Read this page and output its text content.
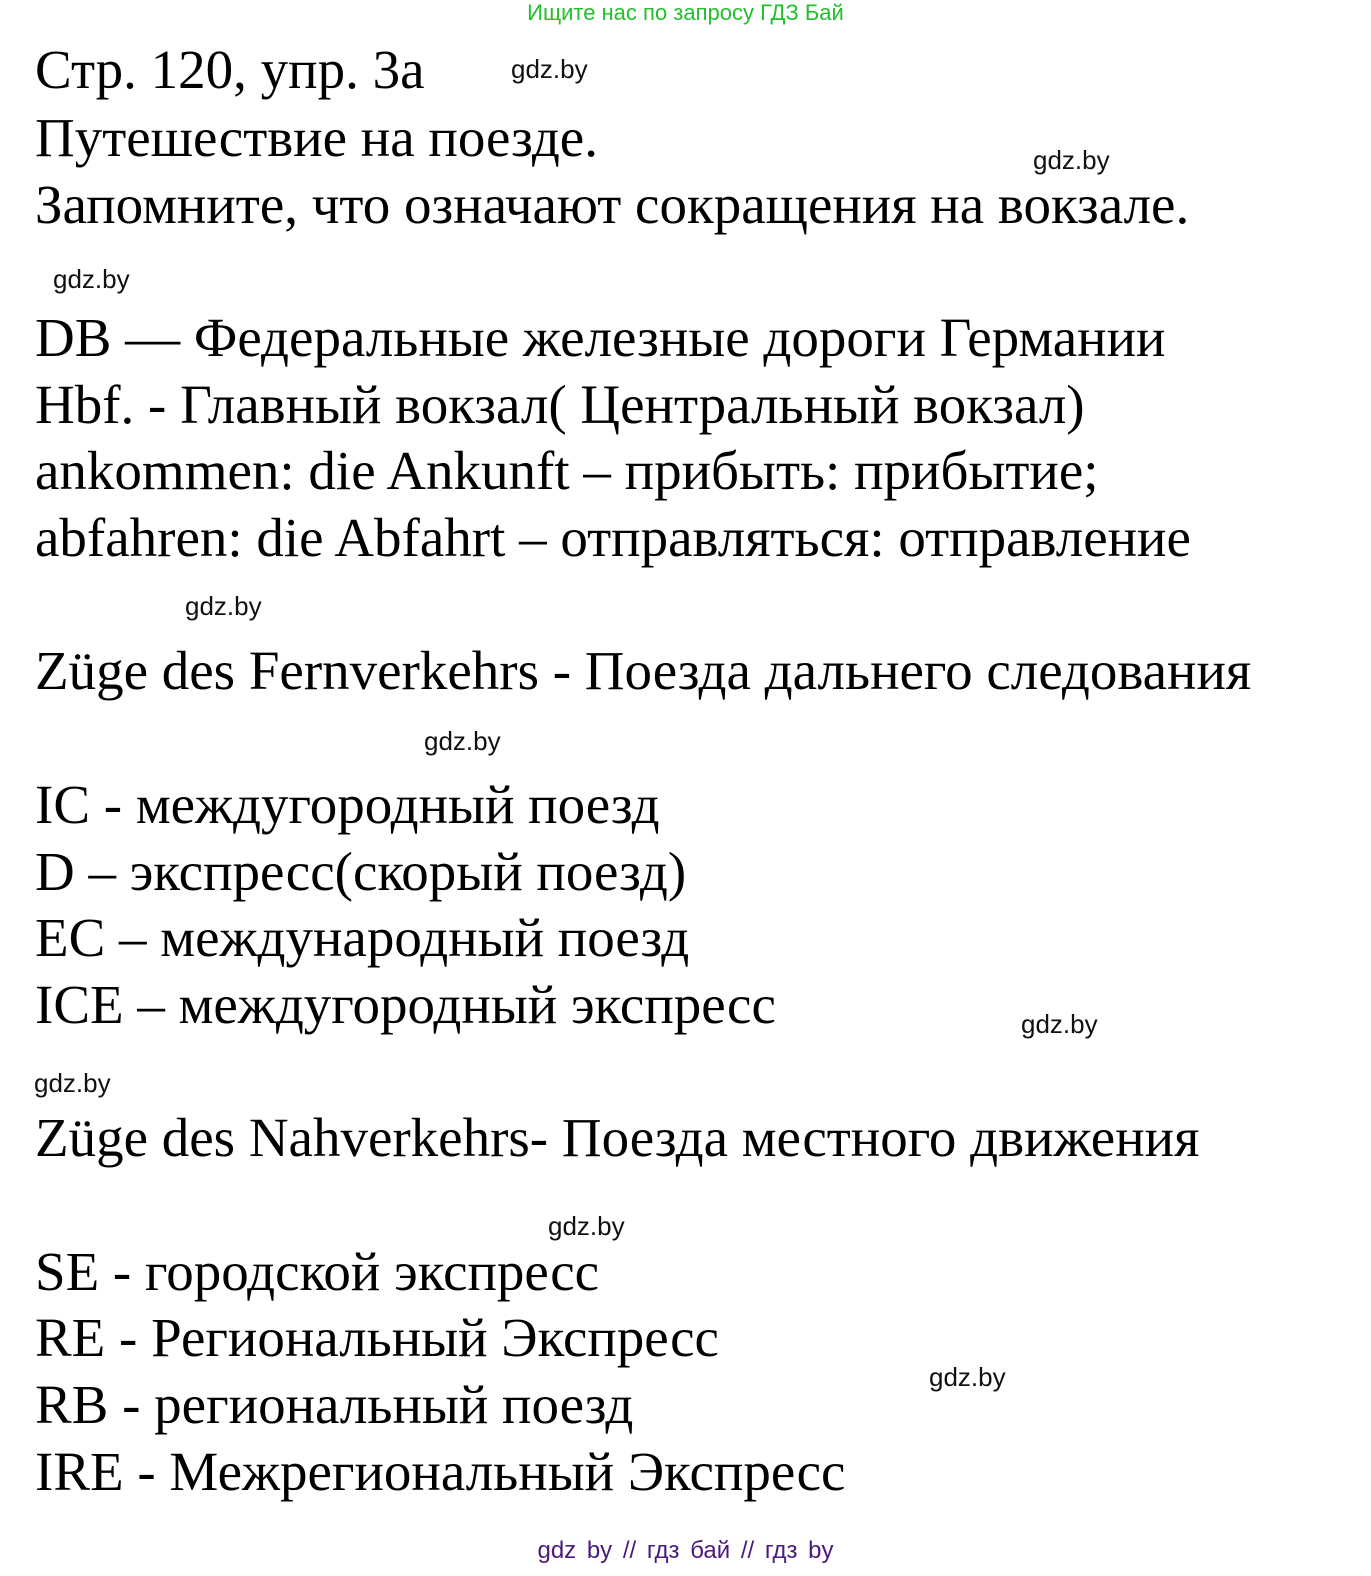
Ищите нас по запросу ГДЗ Бай
Стр. 120, упр. 3а
Путешествие на поезде.
Запомните, что означают сокращения на вокзале.
DB — Федеральные железные дороги Германии
Hbf. - Главный вокзал( Центральный вокзал)
ankommen: die Ankunft – прибыть: прибытие;
abfahren: die Abfahrt – отправляться: отправление
Züge des Fernverkehrs - Поезда дальнего следования
IC - междугородный поезд
D – экспресс(скорый поезд)
EC – международный поезд
ICE – междугородный экспресс
Züge des Nahverkehrs- Поезда местного движения
SE - городской экспресс
RE - Региональный Экспресс
RB - региональный поезд
IRE - Межрегиональный Экспресс
gdz.by
gdz.by
gdz.by
gdz.by
gdz.by
gdz.by
gdz.by
gdz.by
gdz.by
gdz by // гдз бай // гдз by
